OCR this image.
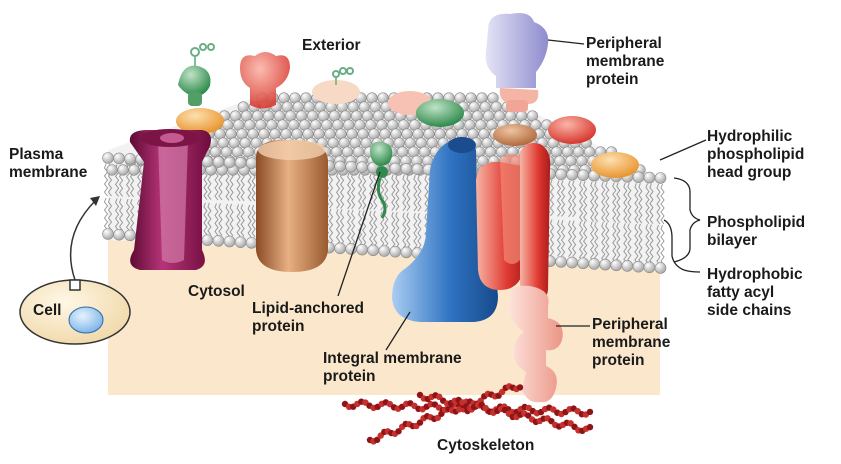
Exterior	Peripheral
membrane
protein
Plasma
membrane
Hydrophilic
phospholipid
head group
Phospholipid
bilayer
Hydrophobic
fatty acyl
side chains
Cell
Cytosol
Lipid-anchored
protein
Integral membrane
protein
Peripheral
membrane
protein
Cytoskeleton
